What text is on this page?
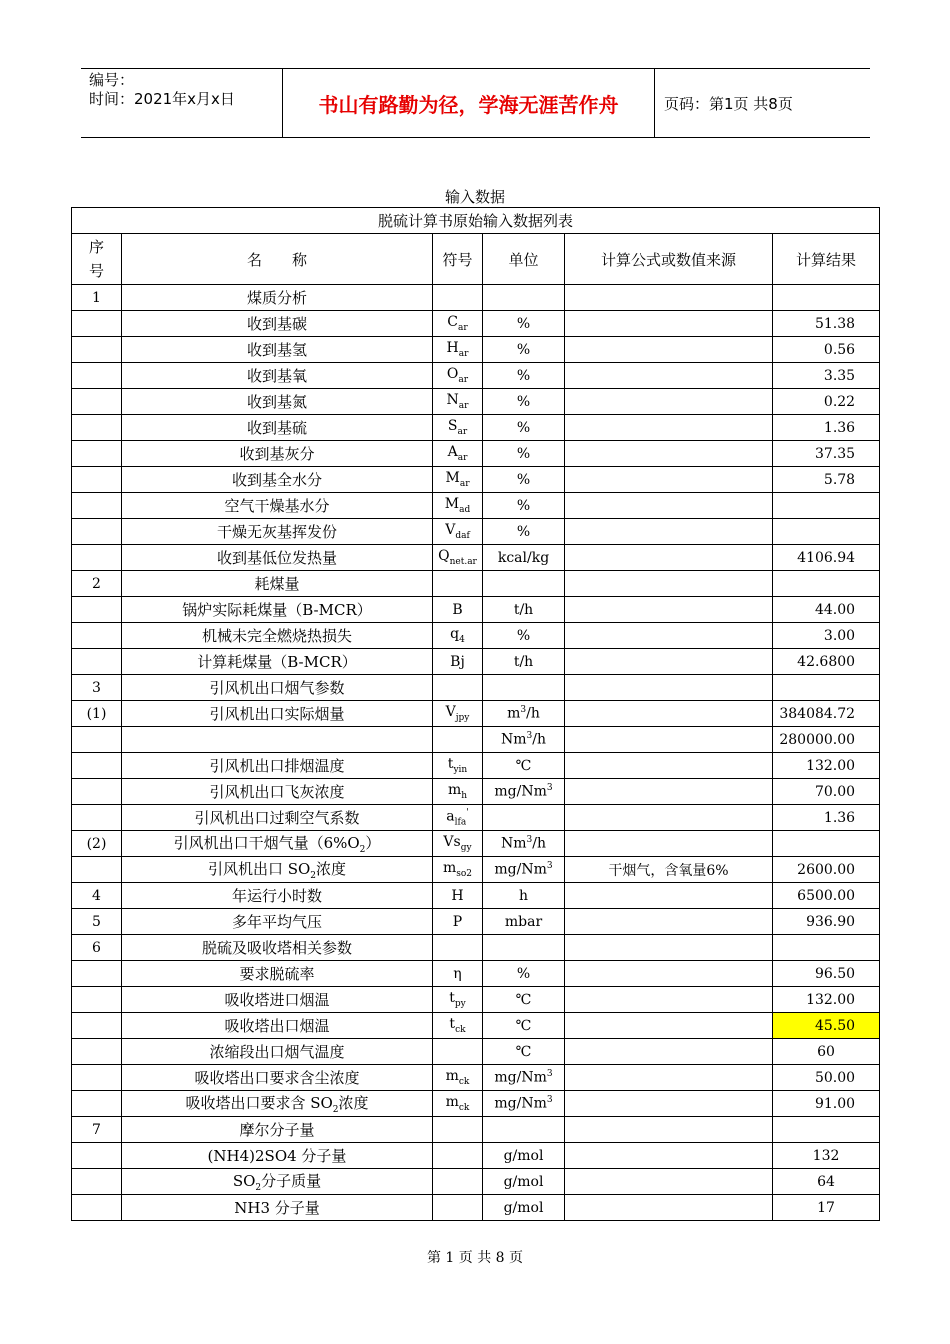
编号：
时间：2021年x月x日	书山有路勤为径，学海无涯苦作舟	页码：第1页 共8页
输入数据
脱硫计算书原始输入数据列表					

序
号	名　　称	符号	单位	计算公式或数值来源	计算结果
1	煤质分析				
	收到基碳	$C_{ar}$	%		51.38
	收到基氢	$H_{ar}$	%		0.56
	收到基氧	$O_{ar}$	%		3.35
	收到基氮	$N_{ar}$	%		0.22
	收到基硫	$S_{ar}$	%		1.36
	收到基灰分	$A_{ar}$	%		37.35
	收到基全水分	$M_{ar}$	%		5.78
	空气干燥基水分	$M_{ad}$	%		
	干燥无灰基挥发份	$V_{daf}$	%		
	收到基低位发热量	$Q_{net.ar}$	kcal/kg		4106.94
2	耗煤量				
	锅炉实际耗煤量（B-MCR）	B	t/h		44.00
	机械未完全燃烧热损失	$q_4$	%		3.00
	计算耗煤量（B-MCR）	Bj	t/h		42.6800
3	引风机出口烟气参数				
(1)	引风机出口实际烟量	$V_{jpy}$	$m^3/h$		384084.72
			Nm$^3$/h		280000.00
	引风机出口排烟温度	$t_{yin}$	℃		132.00
	引风机出口飞灰浓度	$m_h$	mg/Nm$^3$		70.00
	引风机出口过剩空气系数	$a_{lfa}'$			1.36
(2)	引风机出口干烟气量$(6\%O_2)$	$Vs_{gy}$	Nm$^3$/h		
	引风机出口 $SO_2$浓度	$m_{so2}$	mg/Nm$^3$	干烟气，含氧量6%	2600.00
4	年运行小时数	H	h		6500.00
5	多年平均气压	P	mbar		936.90
6	脱硫及吸收塔相关参数				
	要求脱硫率	η	%		96.50
	吸收塔进口烟温	$t_{py}$	℃		132.00
	吸收塔出口烟温	$t_{ck}$	℃		45.50
	浓缩段出口烟气温度		℃		60
	吸收塔出口要求含尘浓度	$m_{ck}$	mg/Nm$^3$		50.00
	吸收塔出口要求含 $SO_2$浓度	$m_{ck}$	mg/Nm$^3$		91.00
7	摩尔分子量				
	(NH4)2SO4 分子量		g/mol		132
	$SO_2$分子质量		g/mol		64
	NH3 分子量		g/mol		17
第 1 页 共 8 页
